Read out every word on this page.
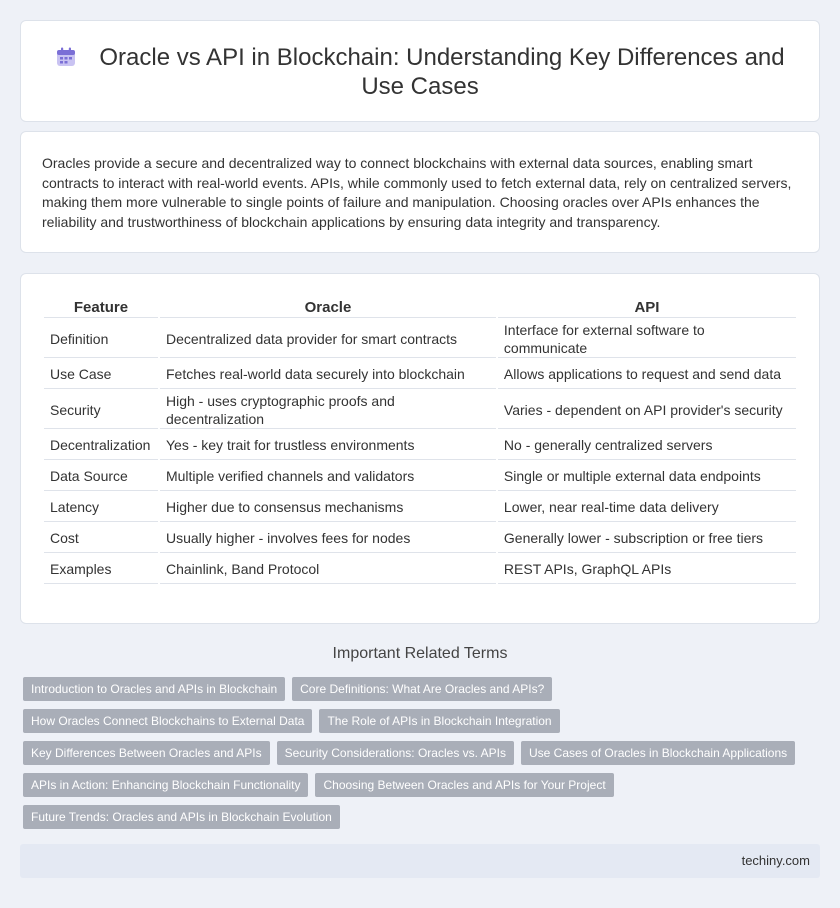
Oracle vs API in Blockchain: Understanding Key Differences and Use Cases

Oracles provide a secure and decentralized way to connect blockchains with external data sources, enabling smart contracts to interact with real-world events. APIs, while commonly used to fetch external data, rely on centralized servers, making them more vulnerable to single points of failure and manipulation. Choosing oracles over APIs enhances the reliability and trustworthiness of blockchain applications by ensuring data integrity and transparency.

Feature	Oracle	API
Definition	Decentralized data provider for smart contracts	Interface for external software to communicate
Use Case	Fetches real-world data securely into blockchain	Allows applications to request and send data
Security	High - uses cryptographic proofs and decentralization	Varies - dependent on API provider's security
Decentralization	Yes - key trait for trustless environments	No - generally centralized servers
Data Source	Multiple verified channels and validators	Single or multiple external data endpoints
Latency	Higher due to consensus mechanisms	Lower, near real-time data delivery
Cost	Usually higher - involves fees for nodes	Generally lower - subscription or free tiers
Examples	Chainlink, Band Protocol	REST APIs, GraphQL APIs
Important Related Terms
Introduction to Oracles and APIs in Blockchain	Core Definitions: What Are Oracles and APIs?
How Oracles Connect Blockchains to External Data	The Role of APIs in Blockchain Integration
Key Differences Between Oracles and APIs	Security Considerations: Oracles vs. APIs	Use Cases of Oracles in Blockchain Applications
APIs in Action: Enhancing Blockchain Functionality	Choosing Between Oracles and APIs for Your Project
Future Trends: Oracles and APIs in Blockchain Evolution
techiny.com
